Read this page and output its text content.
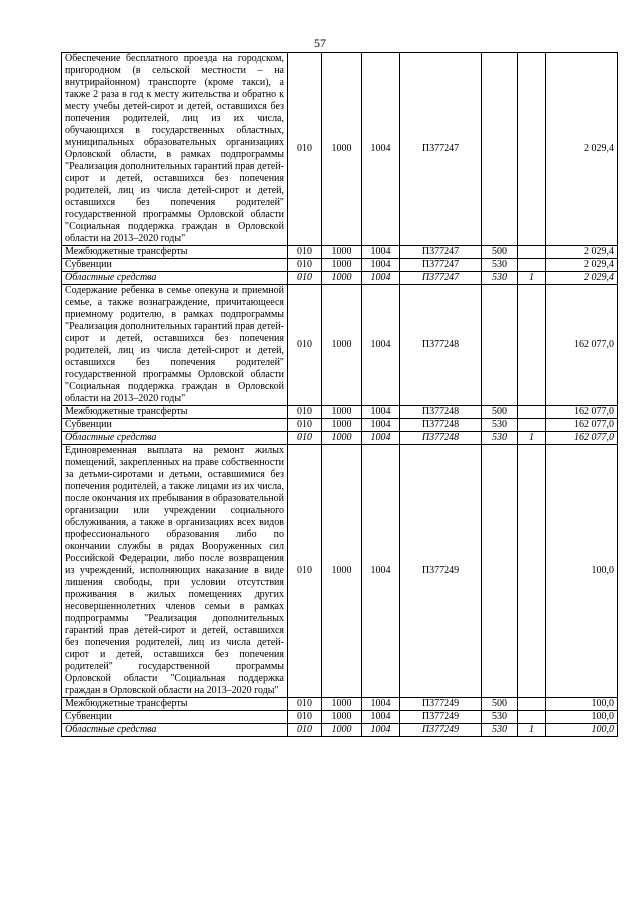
57
Обеспечение бесплатного проезда на городском, пригородном (в сельской местности – на внутрирайонном) транспорте (кроме такси), а также 2 раза в год к месту жительства и обратно к месту учебы детей-сирот и детей, оставшихся без попечения родителей, лиц из их числа, обучающихся в государственных областных, муниципальных образовательных организациях Орловской области, в рамках подпрограммы "Реализация дополнительных гарантий прав детей-сирот и детей, оставшихся без попечения родителей, лиц из числа детей-сирот и детей, оставшихся без попечения родителей" государственной программы Орловской области "Социальная поддержка граждан в Орловской области на 2013–2020 годы"	010	1000	1004	П377247			2 029,4
Межбюджетные трансферты	010	1000	1004	П377247	500		2 029,4
Субвенции	010	1000	1004	П377247	530		2 029,4
Областные средства	010	1000	1004	П377247	530	1	2 029,4
Содержание ребенка в семье опекуна и приемной семье, а также вознаграждение, причитающееся приемному родителю, в рамках подпрограммы "Реализация дополнительных гарантий прав детей-сирот и детей, оставшихся без попечения родителей, лиц из числа детей-сирот и детей, оставшихся без попечения родителей" государственной программы Орловской области "Социальная поддержка граждан в Орловской области на 2013–2020 годы"	010	1000	1004	П377248			162 077,0
Межбюджетные трансферты	010	1000	1004	П377248	500		162 077,0
Субвенции	010	1000	1004	П377248	530		162 077,0
Областные средства	010	1000	1004	П377248	530	1	162 077,0
Единовременная выплата на ремонт жилых помещений, закрепленных на праве собственности за детьми-сиротами и детьми, оставшимися без попечения родителей, а также лицами из их числа, после окончания их пребывания в образовательной организации или учреждении социального обслуживания, а также в организациях всех видов профессионального образования либо по окончании службы в рядах Вооруженных сил Российской Федерации, либо после возвращения из учреждений, исполняющих наказание в виде лишения свободы, при условии отсутствия проживания в жилых помещениях других несовершеннолетних членов семьи в рамках подпрограммы "Реализация дополнительных гарантий прав детей-сирот и детей, оставшихся без попечения родителей, лиц из числа детей-сирот и детей, оставшихся без попечения родителей" государственной программы Орловской области "Социальная поддержка граждан в Орловской области на 2013–2020 годы"	010	1000	1004	П377249			100,0
Межбюджетные трансферты	010	1000	1004	П377249	500		100,0
Субвенции	010	1000	1004	П377249	530		100,0
Областные средства	010	1000	1004	П377249	530	1	100,0
